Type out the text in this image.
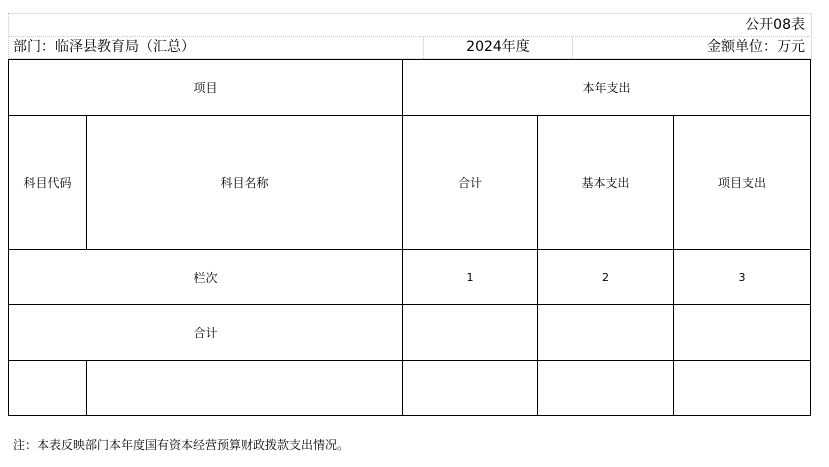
公开08表
部门：临泽县教育局（汇总）	2024年度	金额单位：万元
项目	本年支出
科目代码	科目名称	合计	基本支出	项目支出
栏次	1	2	3
合计
注：本表反映部门本年度国有资本经营预算财政拨款支出情况。
